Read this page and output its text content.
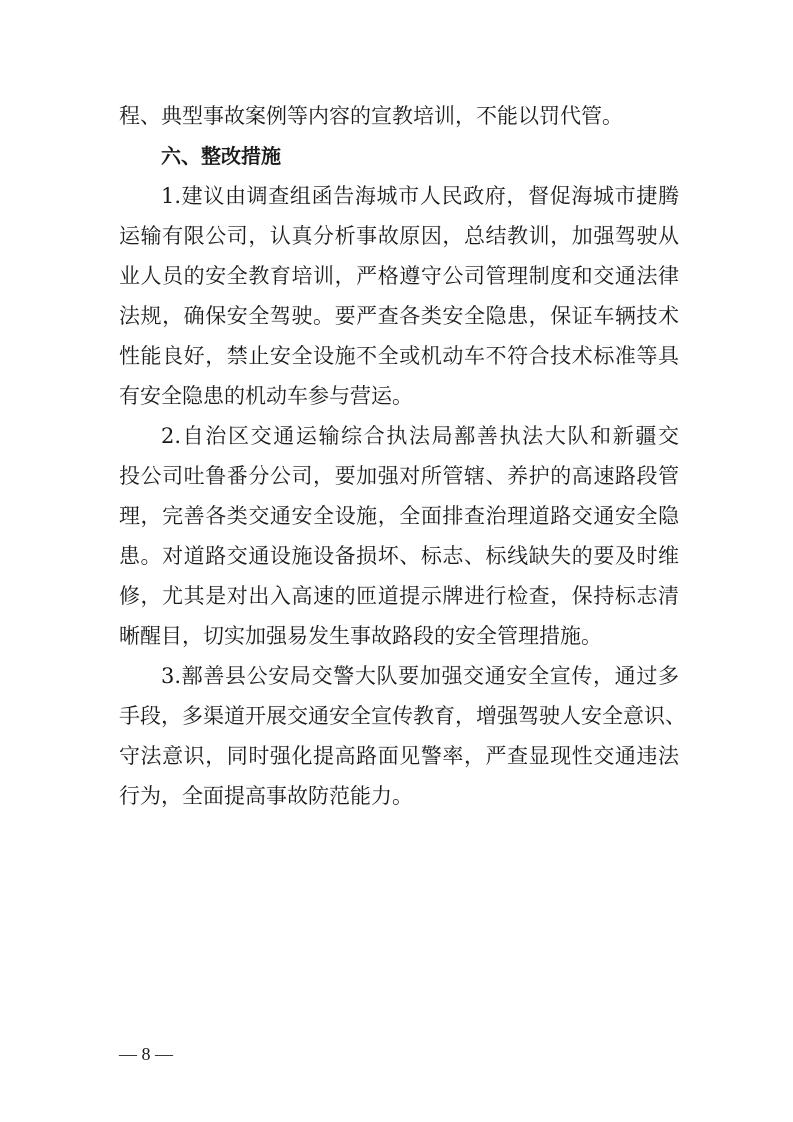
程、典型事故案例等内容的宣教培训，不能以罚代管。
六、整改措施
1.建议由调查组函告海城市人民政府，督促海城市捷腾
运输有限公司，认真分析事故原因，总结教训，加强驾驶从
业人员的安全教育培训，严格遵守公司管理制度和交通法律
法规，确保安全驾驶。要严查各类安全隐患，保证车辆技术
性能良好，禁止安全设施不全或机动车不符合技术标准等具
有安全隐患的机动车参与营运。
2.自治区交通运输综合执法局鄯善执法大队和新疆交
投公司吐鲁番分公司，要加强对所管辖、养护的高速路段管
理，完善各类交通安全设施，全面排查治理道路交通安全隐
患。对道路交通设施设备损坏、标志、标线缺失的要及时维
修，尤其是对出入高速的匝道提示牌进行检查，保持标志清
晰醒目，切实加强易发生事故路段的安全管理措施。
3.鄯善县公安局交警大队要加强交通安全宣传，通过多
手段，多渠道开展交通安全宣传教育，增强驾驶人安全意识、
守法意识，同时强化提高路面见警率，严查显现性交通违法
行为，全面提高事故防范能力。
— 8 —
